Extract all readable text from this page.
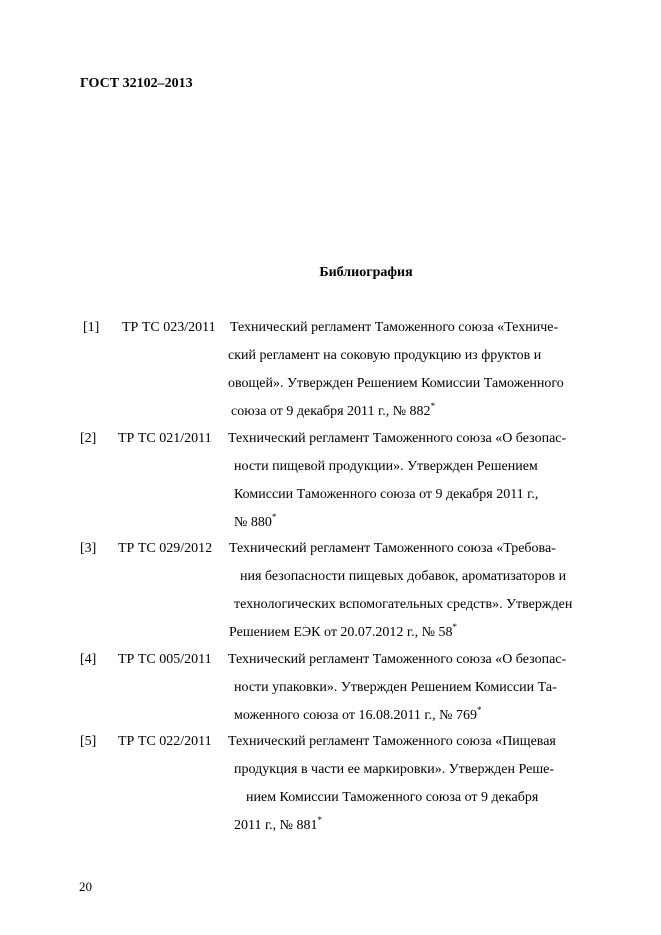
ГОСТ 32102–2013
Библиография
[1] ТР ТС 023/2011 Технический регламент Таможенного союза «Техниче-
ский регламент на соковую продукцию из фруктов и
овощей». Утвержден Решением Комиссии Таможенного
союза от 9 декабря 2011 г., № 882*
[2] ТР ТС 021/2011 Технический регламент Таможенного союза «О безопас-
ности пищевой продукции». Утвержден Решением
Комиссии Таможенного союза от 9 декабря 2011 г.,
№ 880*
[3] ТР ТС 029/2012 Технический регламент Таможенного союза «Требова-
ния безопасности пищевых добавок, ароматизаторов и
технологических вспомогательных средств». Утвержден
Решением ЕЭК от 20.07.2012 г., № 58*
[4] ТР ТС 005/2011 Технический регламент Таможенного союза «О безопас-
ности упаковки». Утвержден Решением Комиссии Та-
моженного союза от 16.08.2011 г., № 769*
[5] ТР ТС 022/2011 Технический регламент Таможенного союза «Пищевая
продукция в части ее маркировки». Утвержден Реше-
нием Комиссии Таможенного союза от 9 декабря
2011 г., № 881*
20
